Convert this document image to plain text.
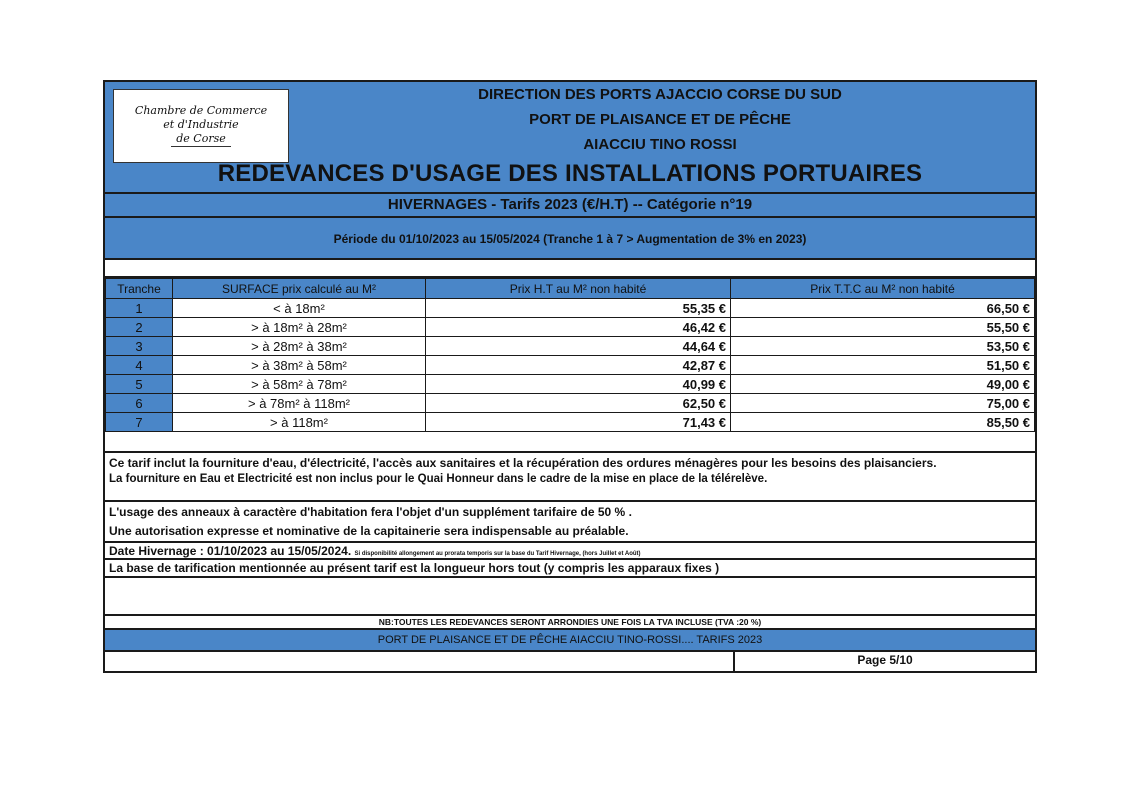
Chambre de Commerce
et d'Industrie
de Corse
DIRECTION DES PORTS AJACCIO CORSE DU SUD
PORT DE PLAISANCE ET DE PÊCHE
AIACCIU TINO ROSSI
REDEVANCES D'USAGE DES INSTALLATIONS PORTUAIRES
HIVERNAGES - Tarifs 2023 (€/H.T) -- Catégorie n°19
Période du 01/10/2023 au 15/05/2024 (Tranche 1 à 7 > Augmentation de 3% en 2023)
Tranche	SURFACE prix calculé au M²	Prix H.T au M² non habité	Prix T.T.C au M² non habité
1	< à 18m²	55,35 €	66,50 €
2	> à 18m² à 28m²	46,42 €	55,50 €
3	> à 28m² à 38m²	44,64 €	53,50 €
4	> à 38m² à 58m²	42,87 €	51,50 €
5	> à 58m² à 78m²	40,99 €	49,00 €
6	> à 78m² à 118m²	62,50 €	75,00 €
7	> à 118m²	71,43 €	85,50 €
Ce tarif inclut la fourniture d'eau, d'électricité, l'accès aux sanitaires et la récupération des ordures ménagères pour les besoins des plaisanciers.
La fourniture en Eau et Electricité est non inclus pour le Quai Honneur dans le cadre de la mise en place de la télérelève.
L'usage des anneaux à caractère d'habitation fera l'objet d'un supplément tarifaire de 50 % .
Une autorisation expresse et nominative de la capitainerie sera indispensable au préalable.
Date Hivernage : 01/10/2023 au 15/05/2024. Si disponibilité allongement au prorata temporis sur la base du Tarif Hivernage, (hors Juillet et Août)
La base de tarification mentionnée au présent tarif est la longueur hors tout (y compris les apparaux fixes )
NB:TOUTES LES REDEVANCES SERONT ARRONDIES UNE FOIS LA TVA INCLUSE (TVA :20 %)
PORT DE PLAISANCE ET DE PÊCHE AIACCIU TINO-ROSSI.... TARIFS 2023
Page 5/10
